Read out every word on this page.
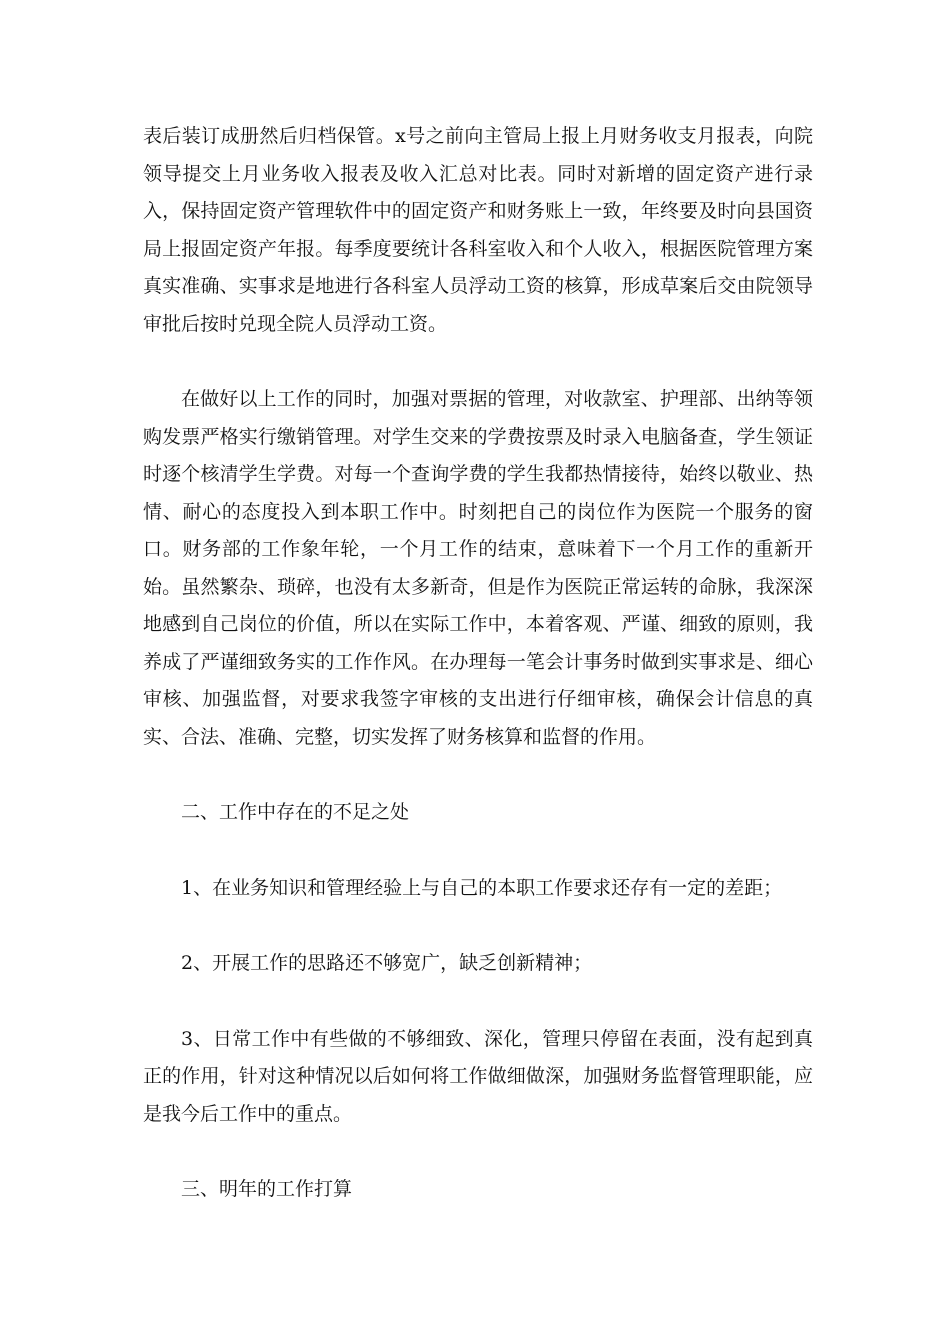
表后装订成册然后归档保管。x号之前向主管局上报上月财务收支月报表，向院领导提交上月业务收入报表及收入汇总对比表。同时对新增的固定资产进行录入，保持固定资产管理软件中的固定资产和财务账上一致，年终要及时向县国资局上报固定资产年报。每季度要统计各科室收入和个人收入，根据医院管理方案真实准确、实事求是地进行各科室人员浮动工资的核算，形成草案后交由院领导审批后按时兑现全院人员浮动工资。

在做好以上工作的同时，加强对票据的管理，对收款室、护理部、出纳等领购发票严格实行缴销管理。对学生交来的学费按票及时录入电脑备查，学生领证时逐个核清学生学费。对每一个查询学费的学生我都热情接待，始终以敬业、热情、耐心的态度投入到本职工作中。时刻把自己的岗位作为医院一个服务的窗口。财务部的工作象年轮，一个月工作的结束，意味着下一个月工作的重新开始。虽然繁杂、琐碎，也没有太多新奇，但是作为医院正常运转的命脉，我深深地感到自己岗位的价值，所以在实际工作中，本着客观、严谨、细致的原则，我养成了严谨细致务实的工作作风。在办理每一笔会计事务时做到实事求是、细心审核、加强监督，对要求我签字审核的支出进行仔细审核，确保会计信息的真实、合法、准确、完整，切实发挥了财务核算和监督的作用。

二、工作中存在的不足之处

1、在业务知识和管理经验上与自己的本职工作要求还存有一定的差距；

2、开展工作的思路还不够宽广，缺乏创新精神；

3、日常工作中有些做的不够细致、深化，管理只停留在表面，没有起到真正的作用，针对这种情况以后如何将工作做细做深，加强财务监督管理职能，应是我今后工作中的重点。

三、明年的工作打算
